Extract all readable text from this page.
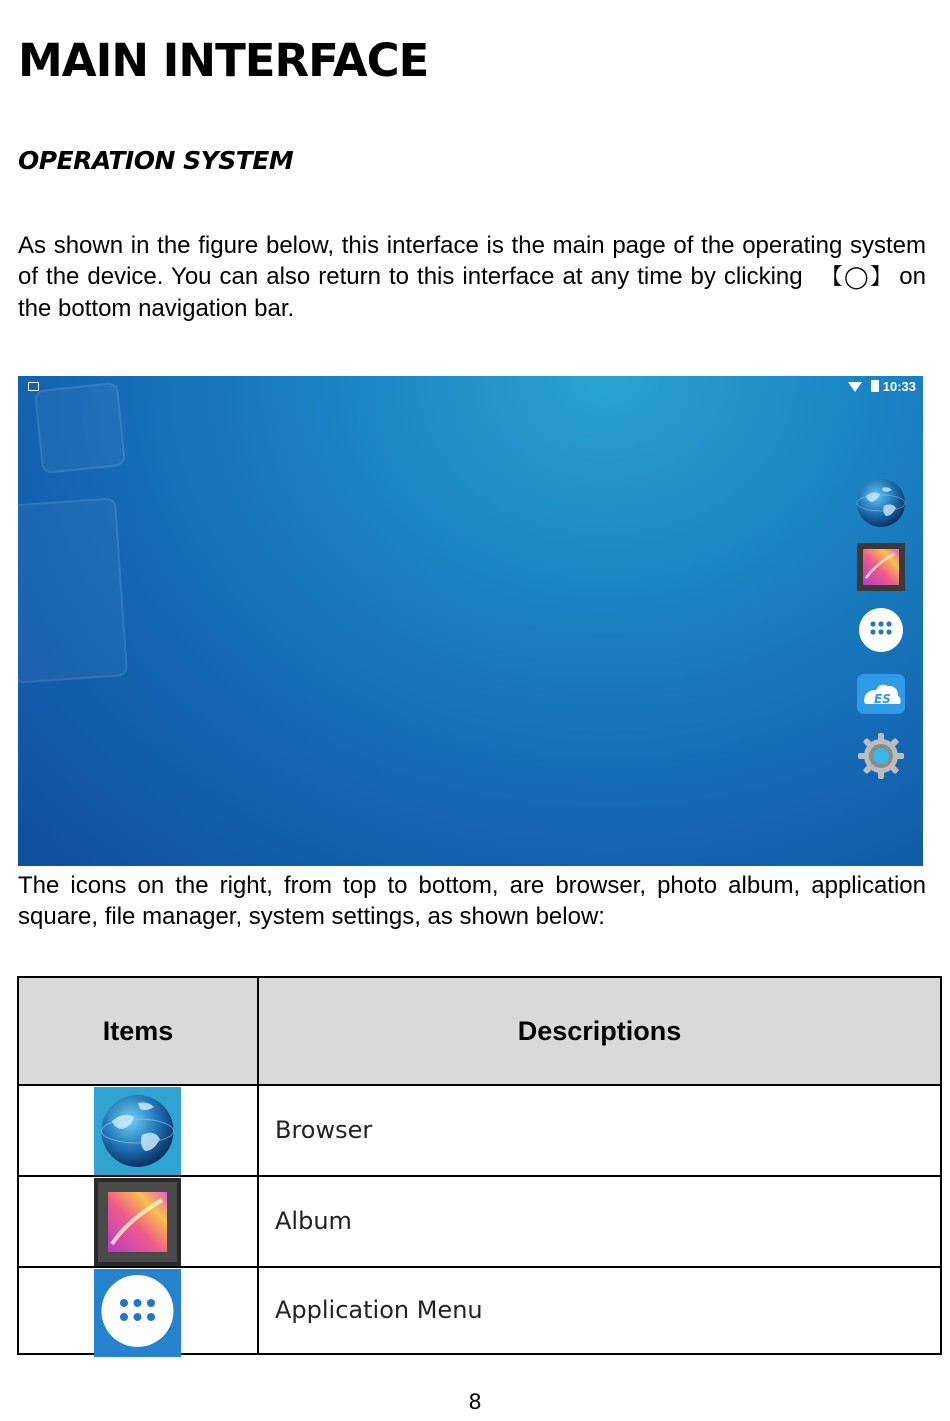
MAIN INTERFACE
OPERATION SYSTEM

As shown in the figure below, this interface is the main page of the operating system of the device. You can also return to this interface at any time by clicking 【◯】 on the bottom navigation bar.

10:33
ES

The icons on the right, from top to bottom, are browser, photo album, application square, file manager, system settings, as shown below:

Items	Descriptions
Browser
Album
Application Menu
8
